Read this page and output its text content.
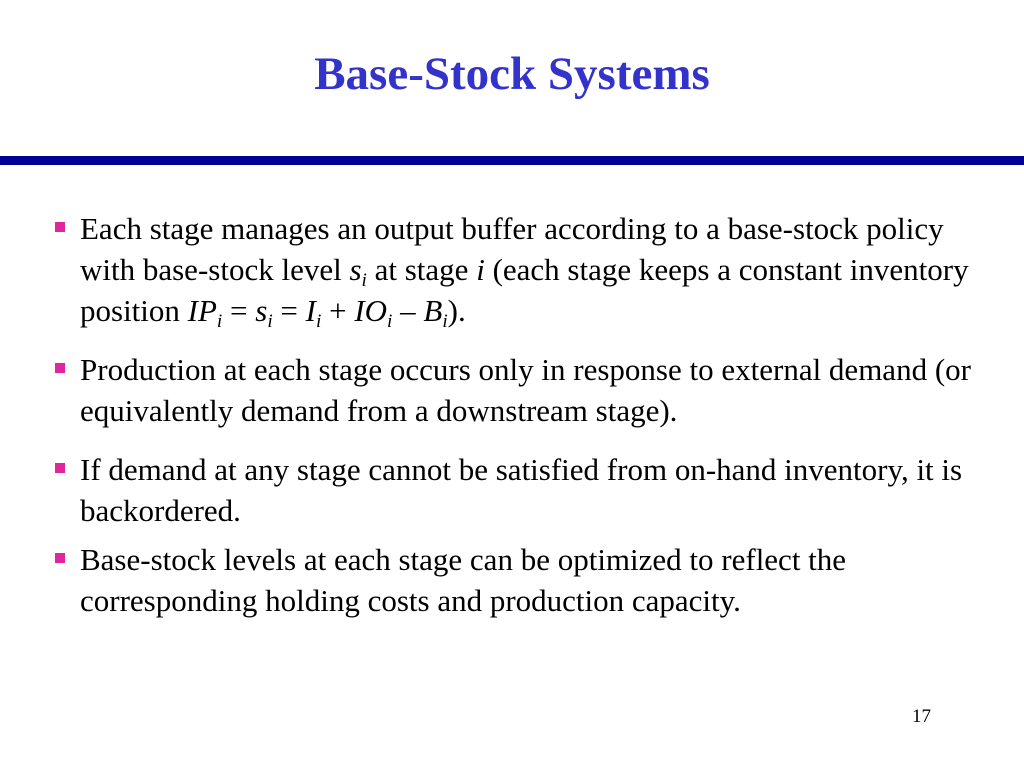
Base-Stock Systems
Each stage manages an output buffer according to a base-stock policy with base-stock level $s_i$ at stage i (each stage keeps a constant inventory position $IP_i = s_i = I_i + IO_i - B_i$).
Production at each stage occurs only in response to external demand (or equivalently demand from a downstream stage).
If demand at any stage cannot be satisfied from on-hand inventory, it is backordered.
Base-stock levels at each stage can be optimized to reflect the corresponding holding costs and production capacity.
17
